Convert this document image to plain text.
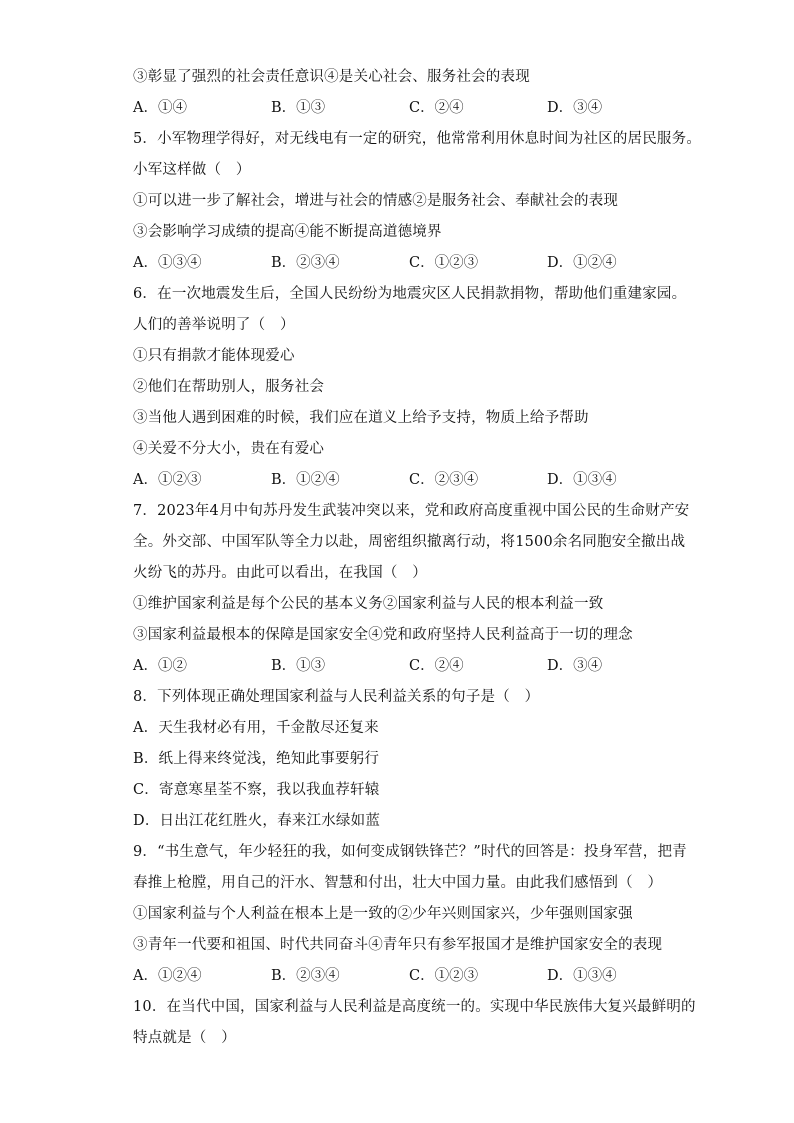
③彰显了强烈的社会责任意识④是关心社会、服务社会的表现
A．①④	B．①③	C．②④	D．③④
5．小军物理学得好，对无线电有一定的研究，他常常利用休息时间为社区的居民服务。
小军这样做（　）
①可以进一步了解社会，增进与社会的情感②是服务社会、奉献社会的表现
③会影响学习成绩的提高④能不断提高道德境界
A．①③④	B．②③④	C．①②③	D．①②④
6．在一次地震发生后，全国人民纷纷为地震灾区人民捐款捐物，帮助他们重建家园。
人们的善举说明了（　）
①只有捐款才能体现爱心
②他们在帮助别人，服务社会
③当他人遇到困难的时候，我们应在道义上给予支持，物质上给予帮助
④关爱不分大小，贵在有爱心
A．①②③	B．①②④	C．②③④	D．①③④
7．2023年4月中旬苏丹发生武装冲突以来，党和政府高度重视中国公民的生命财产安
全。外交部、中国军队等全力以赴，周密组织撤离行动，将1500余名同胞安全撤出战
火纷飞的苏丹。由此可以看出，在我国（　）
①维护国家利益是每个公民的基本义务②国家利益与人民的根本利益一致
③国家利益最根本的保障是国家安全④党和政府坚持人民利益高于一切的理念
A．①②	B．①③	C．②④	D．③④
8．下列体现正确处理国家利益与人民利益关系的句子是（　）
A．天生我材必有用，千金散尽还复来
B．纸上得来终觉浅，绝知此事要躬行
C．寄意寒星荃不察，我以我血荐轩辕
D．日出江花红胜火，春来江水绿如蓝
9．“书生意气，年少轻狂的我，如何变成钢铁锋芒？”时代的回答是：投身军营，把青
春推上枪膛，用自己的汗水、智慧和付出，壮大中国力量。由此我们感悟到（　）
①国家利益与个人利益在根本上是一致的②少年兴则国家兴，少年强则国家强
③青年一代要和祖国、时代共同奋斗④青年只有参军报国才是维护国家安全的表现
A．①②④	B．②③④	C．①②③	D．①③④
10．在当代中国，国家利益与人民利益是高度统一的。实现中华民族伟大复兴最鲜明的
特点就是（　）
